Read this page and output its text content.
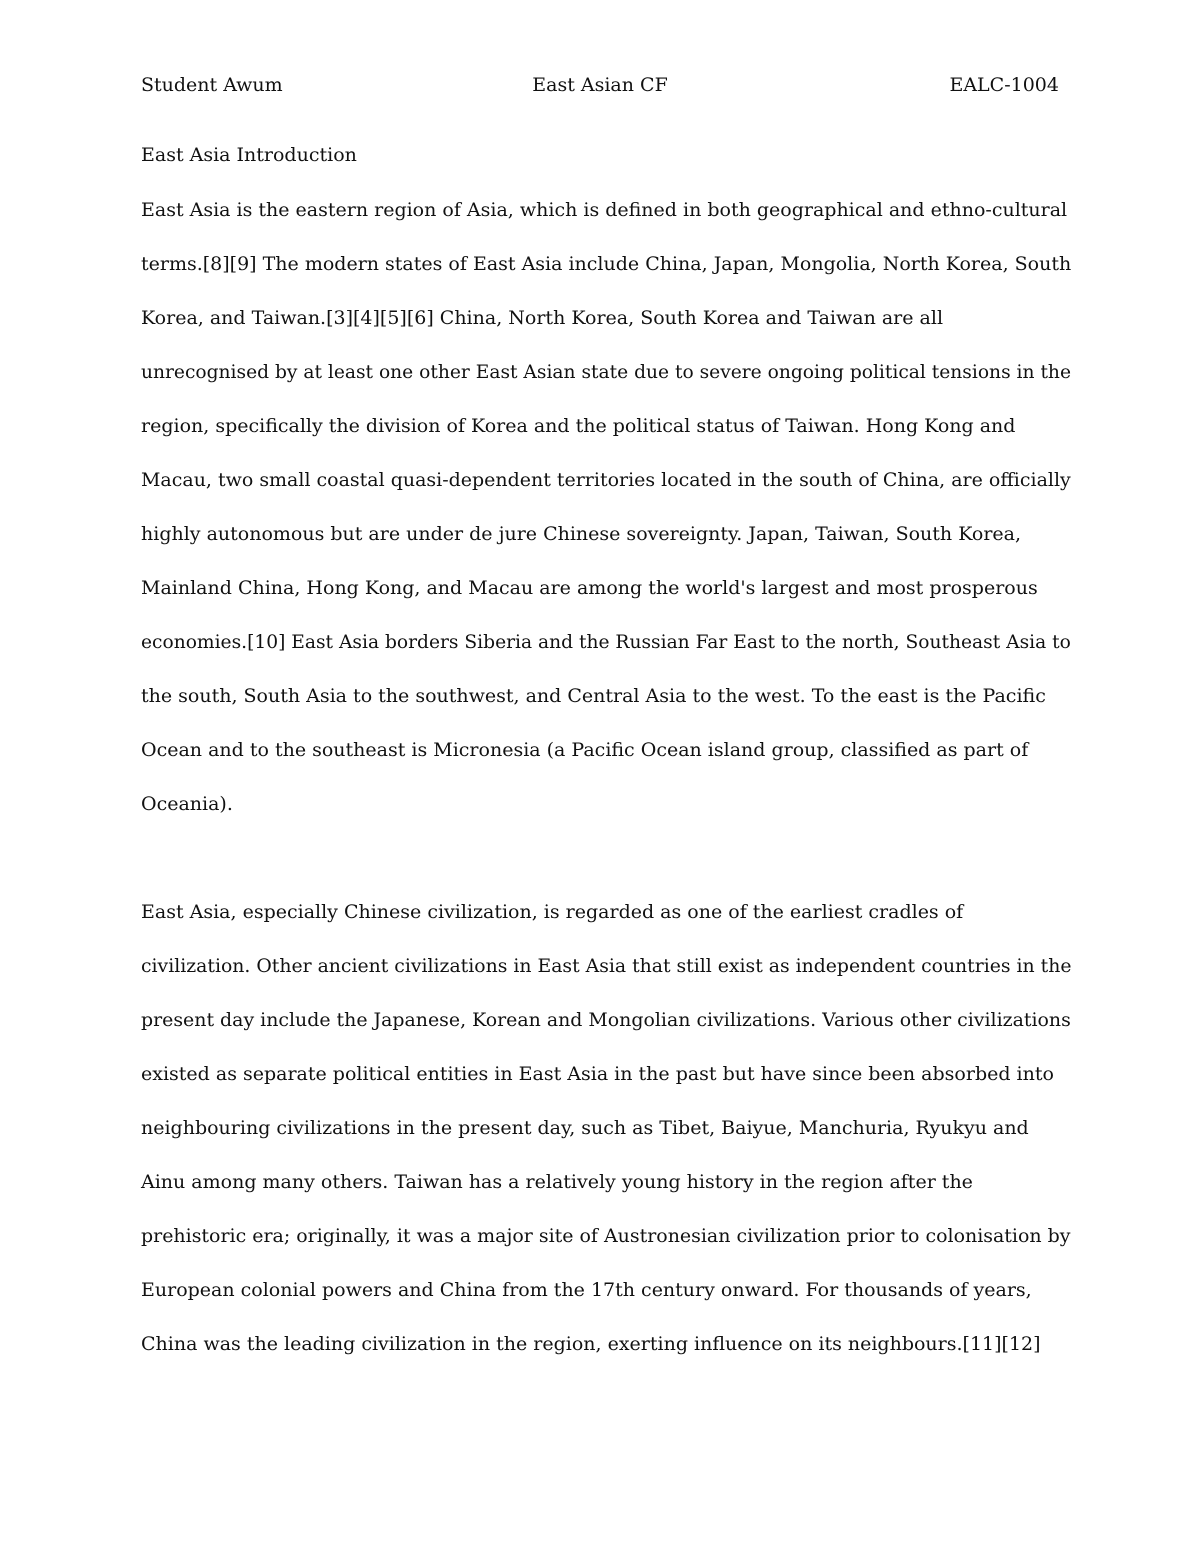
Student Awum	East Asian CF	EALC-1004
East Asia Introduction
East Asia is the eastern region of Asia, which is defined in both geographical and ethno-cultural
terms.[8][9] The modern states of East Asia include China, Japan, Mongolia, North Korea, South
Korea, and Taiwan.[3][4][5][6] China, North Korea, South Korea and Taiwan are all
unrecognised by at least one other East Asian state due to severe ongoing political tensions in the
region, specifically the division of Korea and the political status of Taiwan. Hong Kong and
Macau, two small coastal quasi-dependent territories located in the south of China, are officially
highly autonomous but are under de jure Chinese sovereignty. Japan, Taiwan, South Korea,
Mainland China, Hong Kong, and Macau are among the world's largest and most prosperous
economies.[10] East Asia borders Siberia and the Russian Far East to the north, Southeast Asia to
the south, South Asia to the southwest, and Central Asia to the west. To the east is the Pacific
Ocean and to the southeast is Micronesia (a Pacific Ocean island group, classified as part of
Oceania).
East Asia, especially Chinese civilization, is regarded as one of the earliest cradles of
civilization. Other ancient civilizations in East Asia that still exist as independent countries in the
present day include the Japanese, Korean and Mongolian civilizations. Various other civilizations
existed as separate political entities in East Asia in the past but have since been absorbed into
neighbouring civilizations in the present day, such as Tibet, Baiyue, Manchuria, Ryukyu and
Ainu among many others. Taiwan has a relatively young history in the region after the
prehistoric era; originally, it was a major site of Austronesian civilization prior to colonisation by
European colonial powers and China from the 17th century onward. For thousands of years,
China was the leading civilization in the region, exerting influence on its neighbours.[11][12]
